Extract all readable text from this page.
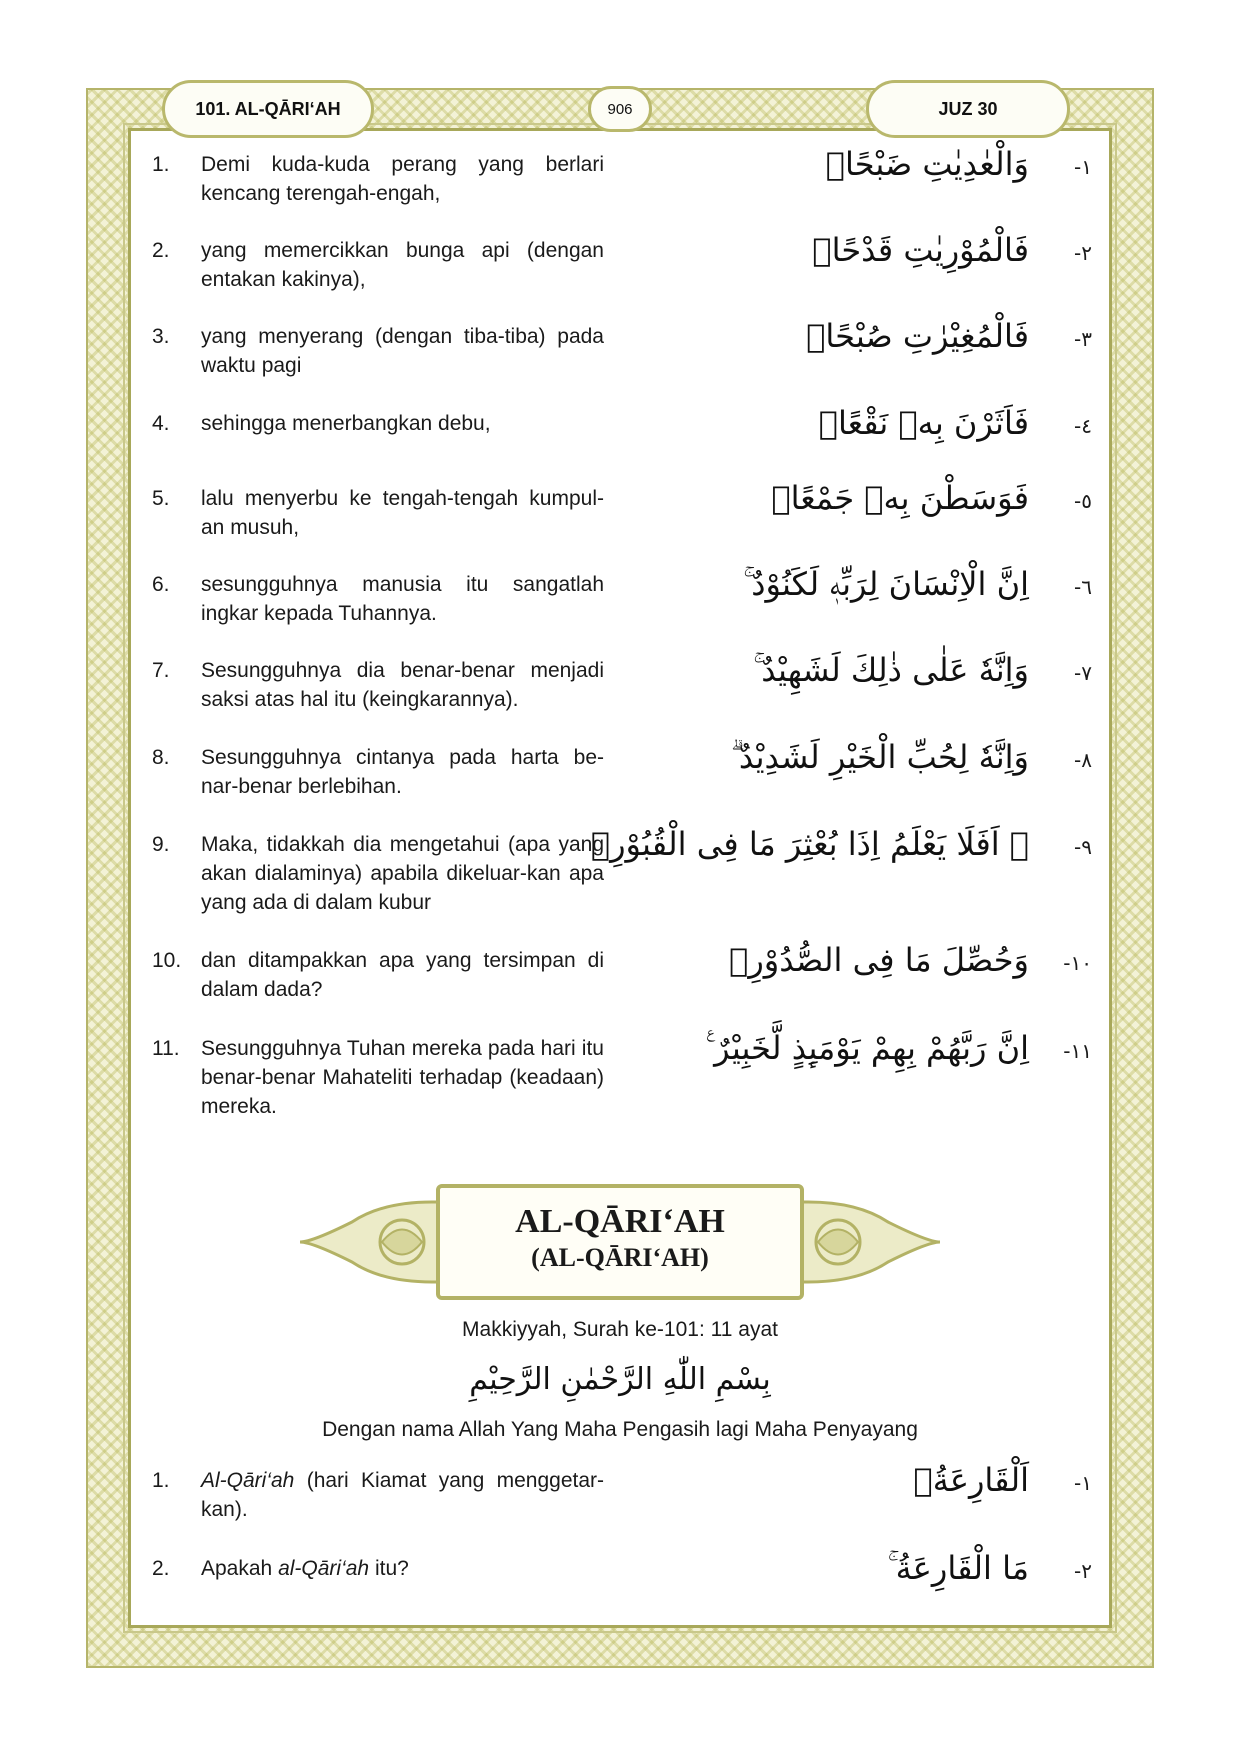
101. AL-QĀRI‘AH	906	JUZ 30
1. Demi kuda-kuda perang yang berlari kencang terengah-engah,
وَالْعٰدِيٰتِ ضَبْحًاۙ ١-
2. yang memercikkan bunga api (dengan entakan kakinya),
فَالْمُوْرِيٰتِ قَدْحًاۙ ٢-
3. yang menyerang (dengan tiba-tiba) pada waktu pagi
فَالْمُغِيْرٰتِ صُبْحًاۙ ٣-
4. sehingga menerbangkan debu,	فَاَثَرْنَ بِهٖ نَقْعًاۙ ٤-
5. lalu menyerbu ke tengah-tengah kumpul-an musuh,
فَوَسَطْنَ بِهٖ جَمْعًاۙ ٥-
6. sesungguhnya manusia itu sangatlah ingkar kepada Tuhannya.
اِنَّ الْاِنْسَانَ لِرَبِّهٖ لَكَنُوْدٌ ۚ ٦-
7. Sesungguhnya dia benar-benar menjadi saksi atas hal itu (keingkarannya).
وَاِنَّهٗ عَلٰى ذٰلِكَ لَشَهِيْدٌ ۚ ٧-
8. Sesungguhnya cintanya pada harta be-nar-benar berlebihan.
وَاِنَّهٗ لِحُبِّ الْخَيْرِ لَشَدِيْدٌ ۗ ٨-
9. Maka, tidakkah dia mengetahui (apa yang akan dialaminya) apabila dikeluar-kan apa yang ada di dalam kubur
۞ اَفَلَا يَعْلَمُ اِذَا بُعْثِرَ مَا فِى الْقُبُوْرِۙ ٩-
10. dan ditampakkan apa yang tersimpan di dalam dada?
وَحُصِّلَ مَا فِى الصُّدُوْرِۙ ١٠-
11. Sesungguhnya Tuhan mereka pada hari itu benar-benar Mahateliti terhadap (keadaan) mereka.
اِنَّ رَبَّهُمْ بِهِمْ يَوْمَىِٕذٍ لَّخَبِيْرٌ ࣖ ١١-
AL-QĀRI‘AH
(AL-QĀRI‘AH)
Makkiyyah, Surah ke-101: 11 ayat
بِسْمِ اللّٰهِ الرَّحْمٰنِ الرَّحِيْمِ
Dengan nama Allah Yang Maha Pengasih lagi Maha Penyayang
1. Al-Qāri‘ah (hari Kiamat yang menggetar-kan).
اَلْقَارِعَةُۙ ١-
2. Apakah al-Qāri‘ah itu?	مَا الْقَارِعَةُ ۚ ٢-
